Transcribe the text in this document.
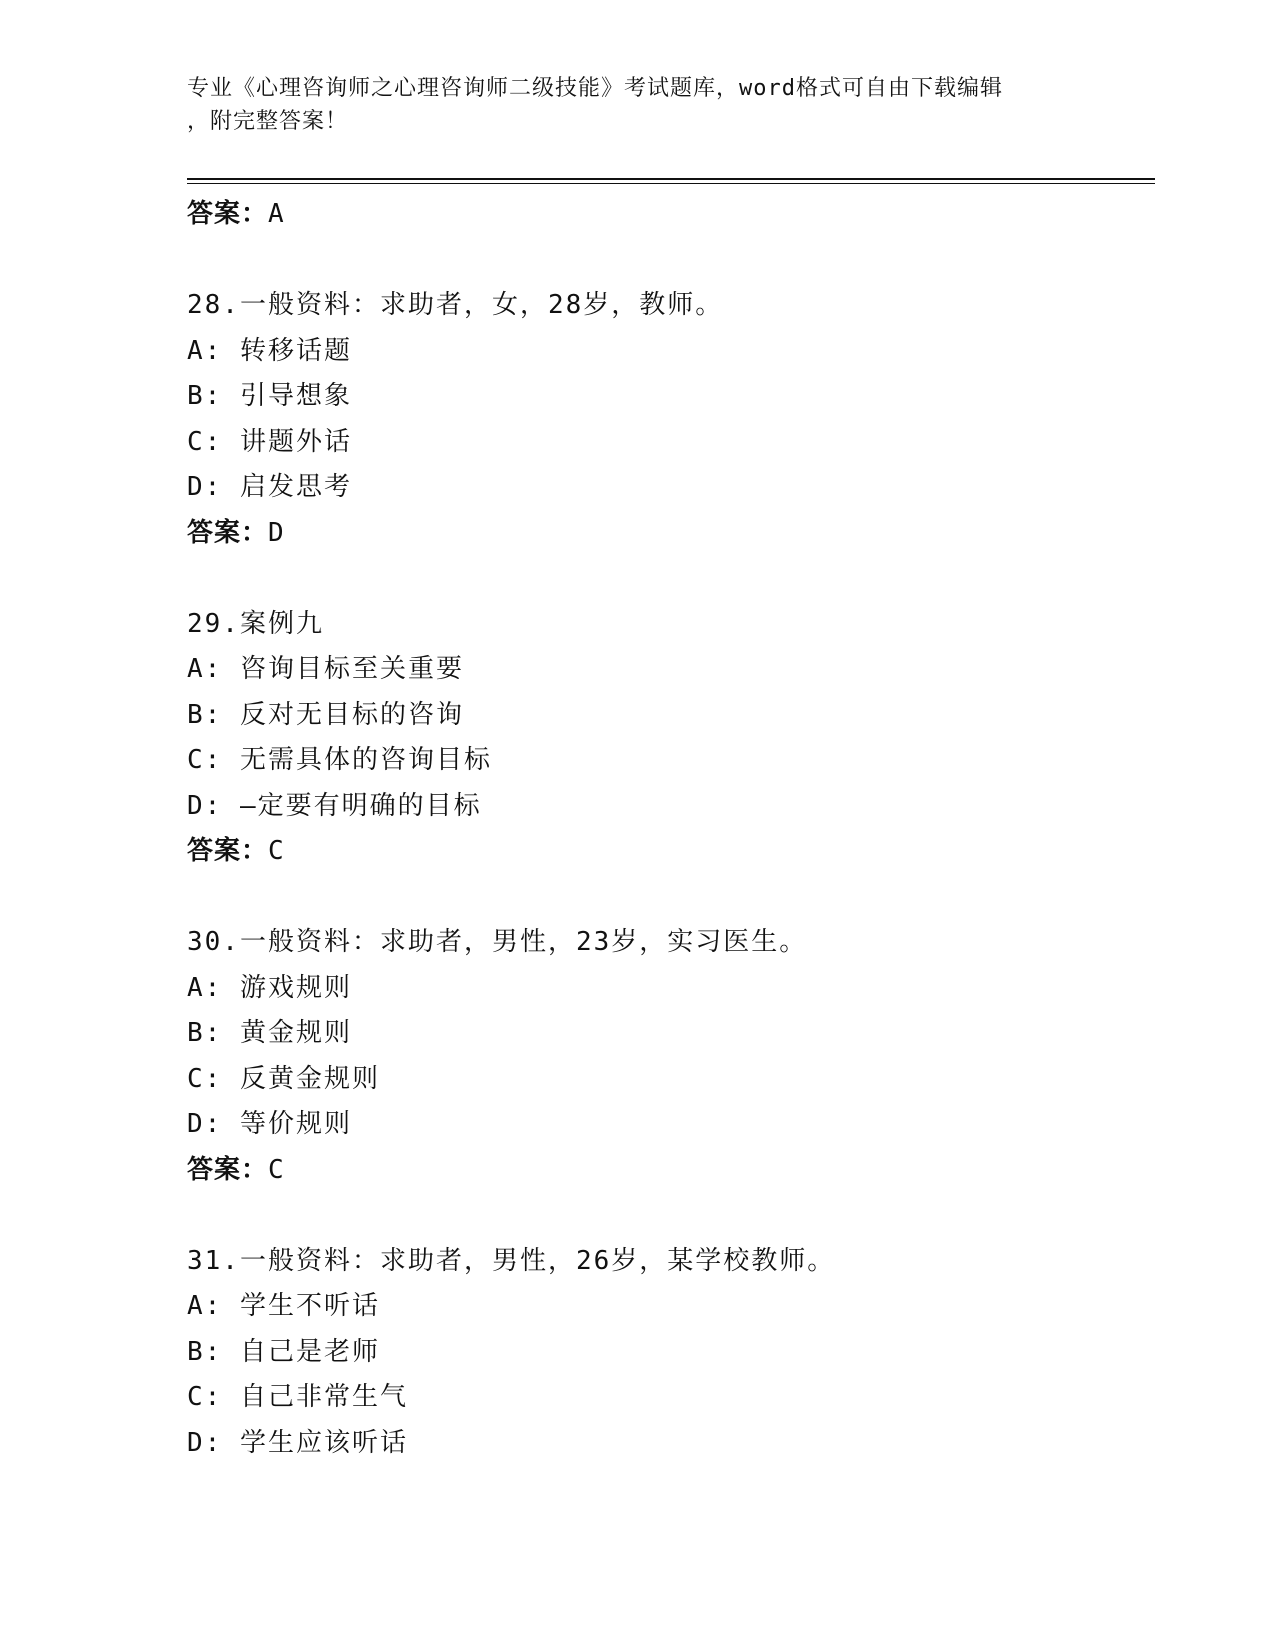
专业《心理咨询师之心理咨询师二级技能》考试题库，word格式可自由下载编辑
，附完整答案！
答案：A
28.一般资料：求助者，女，28岁，教师。
A: 转移话题
B: 引导想象
C: 讲题外话
D: 启发思考
答案：D
29.案例九
A: 咨询目标至关重要
B: 反对无目标的咨询
C: 无需具体的咨询目标
D: —定要有明确的目标
答案：C
30.一般资料：求助者，男性，23岁，实习医生。
A: 游戏规则
B: 黄金规则
C: 反黄金规则
D: 等价规则
答案：C
31.一般资料：求助者，男性，26岁，某学校教师。
A: 学生不听话
B: 自己是老师
C: 自己非常生气
D: 学生应该听话
